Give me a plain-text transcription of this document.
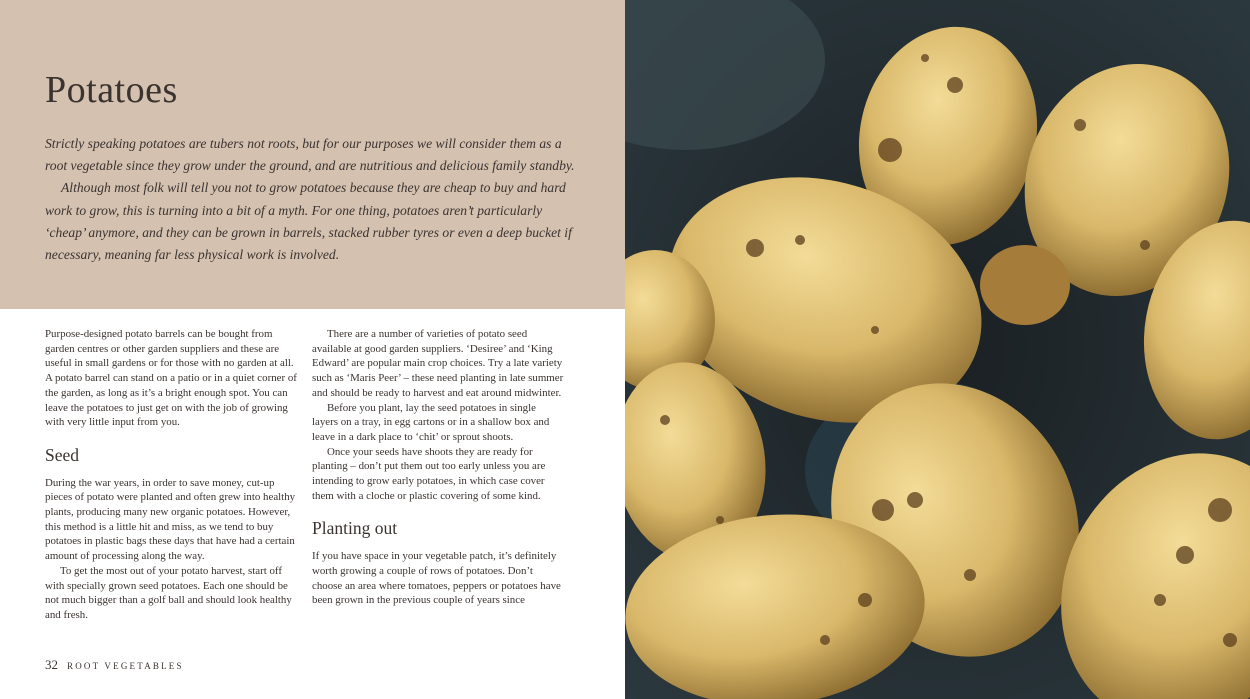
Potatoes

Strictly speaking potatoes are tubers not roots, but for our purposes we will consider them as a root vegetable since they grow under the ground, and are nutritious and delicious family standby.

Although most folk will tell you not to grow potatoes because they are cheap to buy and hard work to grow, this is turning into a bit of a myth. For one thing, potatoes aren’t particularly ‘cheap’ anymore, and they can be grown in barrels, stacked rubber tyres or even a deep bucket if necessary, meaning far less physical work is involved.

Purpose-designed potato barrels can be bought from garden centres or other garden suppliers and these are useful in small gardens or for those with no garden at all. A potato barrel can stand on a patio or in a quiet corner of the garden, as long as it’s a bright enough spot. You can leave the potatoes to just get on with the job of growing with very little input from you.

Seed

During the war years, in order to save money, cut-up pieces of potato were planted and often grew into healthy plants, producing many new organic potatoes. However, this method is a little hit and miss, as we tend to buy potatoes in plastic bags these days that have had a certain amount of processing along the way.

To get the most out of your potato harvest, start off with specially grown seed potatoes. Each one should be not much bigger than a golf ball and should look healthy and fresh.

There are a number of varieties of potato seed available at good garden suppliers. ‘Desiree’ and ‘King Edward’ are popular main crop choices. Try a late variety such as ‘Maris Peer’ – these need planting in late summer and should be ready to harvest and eat around midwinter.

Before you plant, lay the seed potatoes in single layers on a tray, in egg cartons or in a shallow box and leave in a dark place to ‘chit’ or sprout shoots.

Once your seeds have shoots they are ready for planting – don’t put them out too early unless you are intending to grow early potatoes, in which case cover them with a cloche or plastic covering of some kind.

Planting out

If you have space in your vegetable patch, it’s definitely worth growing a couple of rows of potatoes. Don’t choose an area where tomatoes, peppers or potatoes have been grown in the previous couple of years since

32 ROOT VEGETABLES
